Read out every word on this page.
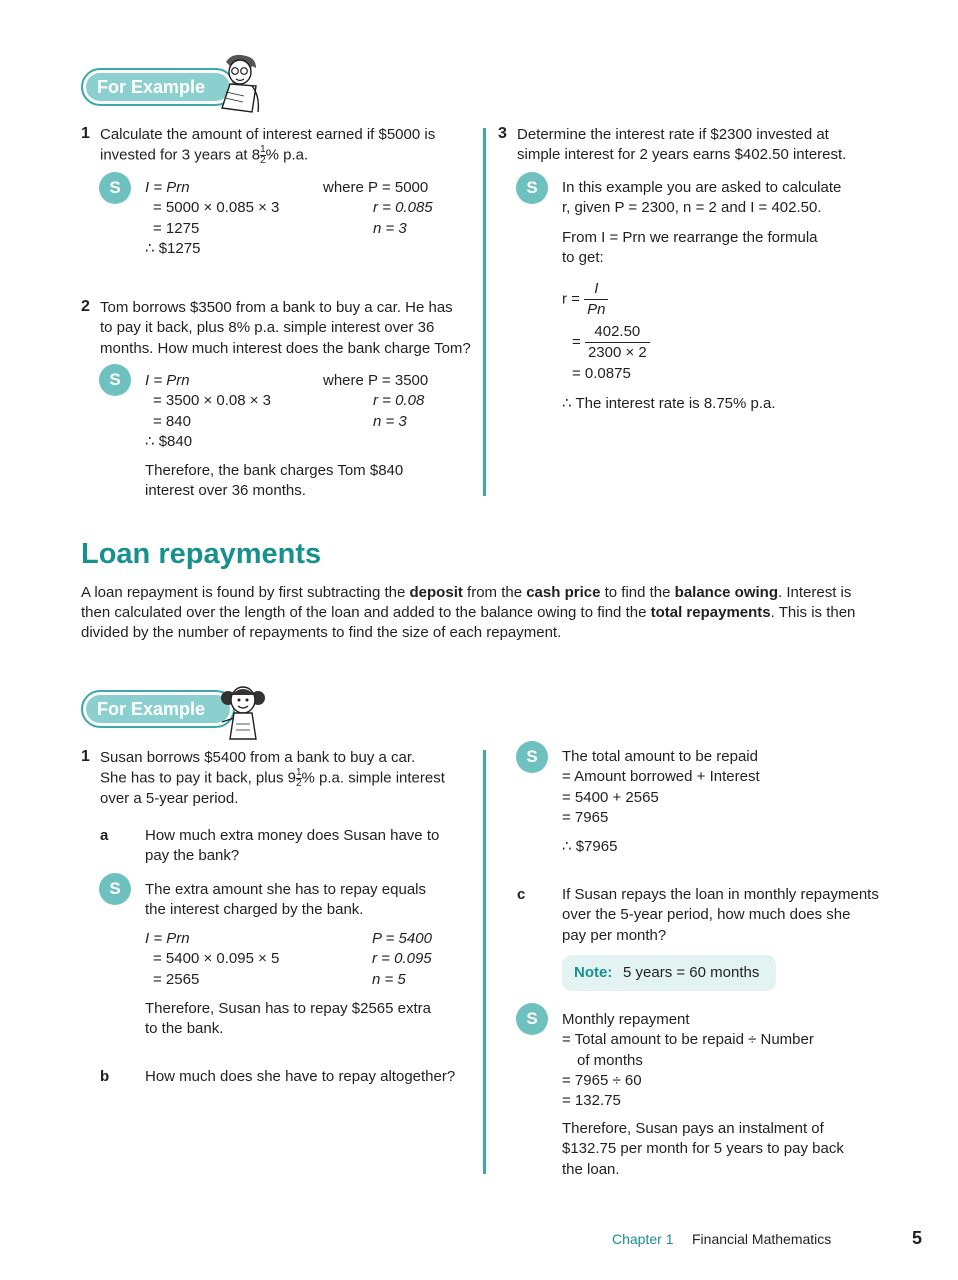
For Example
1 Calculate the amount of interest earned if $5000 is
invested for 3 years at $8 \frac{1}{2}$ % p.a.
S	I = Prn
= 5000 × 0.085 × 3
= 1275
∴ $1275
where P = 5000
r = 0.085
n = 3
2 Tom borrows $3500 from a bank to buy a car. He has
to pay it back, plus 8% p.a. simple interest over 36
months. How much interest does the bank charge Tom?
S	I = Prn
= 3500 × 0.08 × 3
= 840
∴ $840
where P = 3500
r = 0.08
n = 3
Therefore, the bank charges Tom $840
interest over 36 months.
3 Determine the interest rate if $2300 invested at
simple interest for 2 years earns $402.50 interest.
S	In this example you are asked to calculate
r, given P = 2300, n = 2 and I = 402.50.
From I = Prn we rearrange the formula
to get:
$r = \frac{I}{Pn}$
= $\frac{402.50}{2300 \times 2}$
= 0.0875
∴ The interest rate is 8.75% p.a.
Loan repayments
A loan repayment is found by first subtracting the deposit from the cash price to find the balance owing. Interest is then calculated over the length of the loan and added to the balance owing to find the total repayments. This is then divided by the number of repayments to find the size of each repayment.
For Example
1 Susan borrows $5400 from a bank to buy a car.
She has to pay it back, plus $9 \frac{1}{2}$ % p.a. simple interest
over a 5-year period.
a How much extra money does Susan have to
pay the bank?
S	The extra amount she has to repay equals
the interest charged by the bank.
I = Prn
= 5400 × 0.095 × 5
= 2565
P = 5400
r = 0.095
n = 5
Therefore, Susan has to repay $2565 extra
to the bank.
b How much does she have to repay altogether?
S	The total amount to be repaid
= Amount borrowed + Interest
= 5400 + 2565
= 7965
∴ $7965
c If Susan repays the loan in monthly repayments
over the 5-year period, how much does she
pay per month?
Note: 5 years = 60 months
S	Monthly repayment
= Total amount to be repaid ÷ Number
of months
= 7965 ÷ 60
= 132.75
Therefore, Susan pays an instalment of
$132.75 per month for 5 years to pay back
the loan.
Chapter 1 Financial Mathematics	5
